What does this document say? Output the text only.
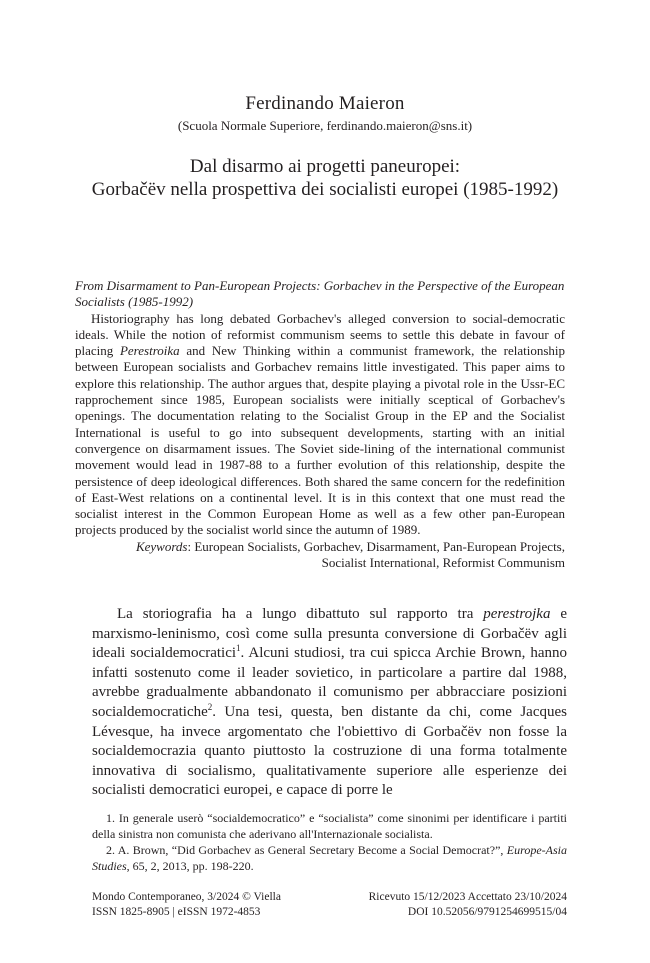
Ferdinando Maieron
(Scuola Normale Superiore, ferdinando.maieron@sns.it)
Dal disarmo ai progetti paneuropei:
Gorbačëv nella prospettiva dei socialisti europei (1985-1992)

From Disarmament to Pan-European Projects: Gorbachev in the Perspective of the European Socialists (1985-1992)

Historiography has long debated Gorbachev's alleged conversion to social-democratic ideals. While the notion of reformist communism seems to settle this debate in favour of placing Perestroika and New Thinking within a communist framework, the relationship between European socialists and Gorbachev remains little investigated. This paper aims to explore this relationship. The author argues that, despite playing a pivotal role in the Ussr-EC rapprochement since 1985, European socialists were initially sceptical of Gorbachev's openings. The documentation relating to the Socialist Group in the EP and the Socialist International is useful to go into subsequent developments, starting with an initial convergence on disarmament issues. The Soviet side-lining of the international communist movement would lead in 1987-88 to a further evolution of this relationship, despite the persistence of deep ideological differences. Both shared the same concern for the redefinition of East-West relations on a continental level. It is in this context that one must read the socialist interest in the Common European Home as well as a few other pan-European projects produced by the socialist world since the autumn of 1989.

Keywords: European Socialists, Gorbachev, Disarmament, Pan-European Projects,
Socialist International, Reformist Communism

La storiografia ha a lungo dibattuto sul rapporto tra perestrojka e marxismo-leninismo, così come sulla presunta conversione di Gorbačëv agli ideali socialdemocratici$^1$. Alcuni studiosi, tra cui spicca Archie Brown, hanno infatti sostenuto come il leader sovietico, in particolare a partire dal 1988, avrebbe gradualmente abbandonato il comunismo per abbracciare posizioni socialdemocratiche$^2$. Una tesi, questa, ben distante da chi, come Jacques Lévesque, ha invece argomentato che l'obiettivo di Gorbačëv non fosse la socialdemocrazia quanto piuttosto la costruzione di una forma totalmente innovativa di socialismo, qualitativamente superiore alle esperienze dei socialisti democratici europei, e capace di porre le

1. In generale userò “socialdemocratico” e “socialista” come sinonimi per identificare i partiti della sinistra non comunista che aderivano all'Internazionale socialista.

2. A. Brown, “Did Gorbachev as General Secretary Become a Social Democrat?”, Europe-Asia Studies, 65, 2, 2013, pp. 198-220.

Mondo Contemporaneo, 3/2024 © Viella
ISSN 1825-8905 | eISSN 1972-4853
Ricevuto 15/12/2023 Accettato 23/10/2024
DOI 10.52056/9791254699515/04
